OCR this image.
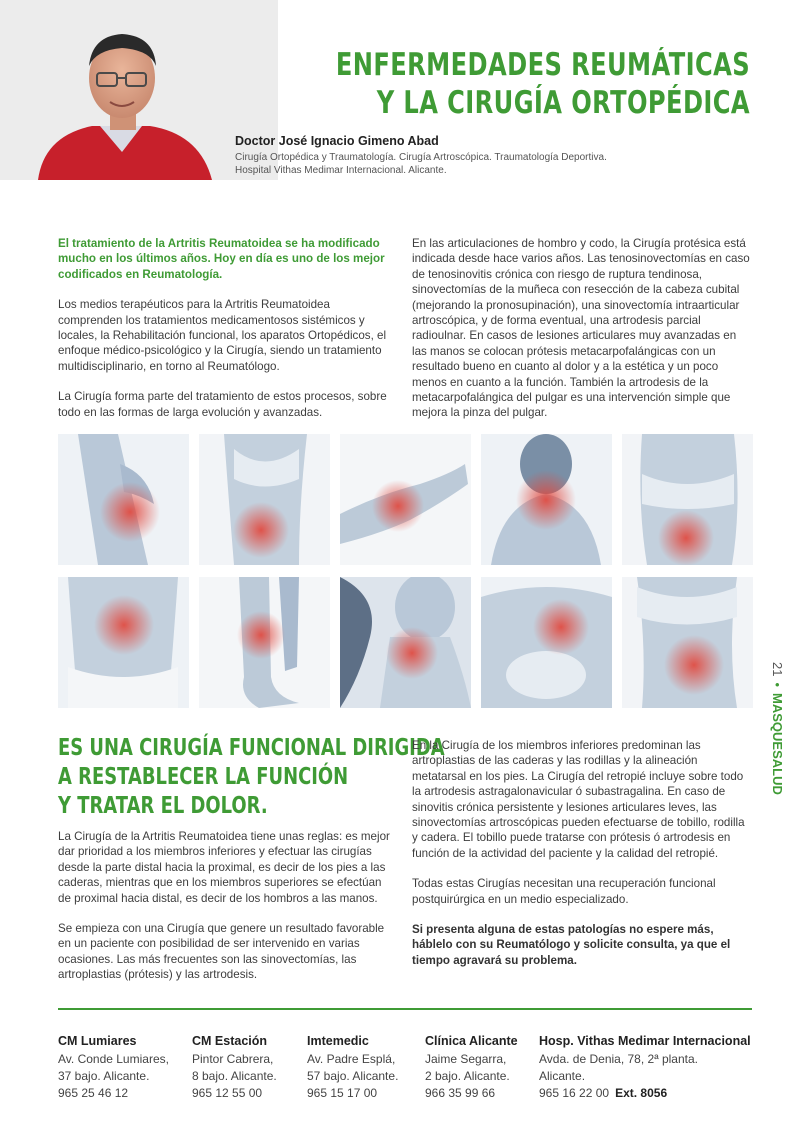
ENFERMEDADES REUMÁTICAS
Y LA CIRUGÍA ORTOPÉDICA
Doctor José Ignacio Gimeno Abad
Cirugía Ortopédica y Traumatología. Cirugía Artroscópica. Traumatología Deportiva.
Hospital Vithas Medimar Internacional. Alicante.

El tratamiento de la Artritis Reumatoidea se ha modificado mucho en los últimos años. Hoy en día es uno de los mejor codificados en Reumatología.

Los medios terapéuticos para la Artritis Reumatoidea comprenden los tratamientos medicamentosos sistémicos y locales, la Rehabilitación funcional, los aparatos Ortopédicos, el enfoque médico-psicológico y la Cirugía, siendo un tratamiento multidisciplinario, en torno al Reumatólogo.

La Cirugía forma parte del tratamiento de estos procesos, sobre todo en las formas de larga evolución y avanzadas.

En las articulaciones de hombro y codo, la Cirugía protésica está indicada desde hace varios años. Las tenosinovectomías en caso de tenosinovitis crónica con riesgo de ruptura tendinosa, sinovectomías de la muñeca con resección de la cabeza cubital (mejorando la pronosupinación), una sinovectomía intraarticular artroscópica, y de forma eventual, una artrodesis parcial radioulnar. En casos de lesiones articulares muy avanzadas en las manos se colocan prótesis metacarpofalángicas con un resultado bueno en cuanto al dolor y a la estética y un poco menos en cuanto a la función. También la artrodesis de la metacarpofalángica del pulgar es una intervención simple que mejora la pinza del pulgar.

ES UNA CIRUGÍA FUNCIONAL DIRIGIDA
A RESTABLECER LA FUNCIÓN
Y TRATAR EL DOLOR.

La Cirugía de la Artritis Reumatoidea tiene unas reglas: es mejor dar prioridad a los miembros inferiores y efectuar las cirugías desde la parte distal hacia la proximal, es decir de los pies a las caderas, mientras que en los miembros superiores se efectúan de proximal hacia distal, es decir de los hombros a las manos.

Se empieza con una Cirugía que genere un resultado favorable en un paciente con posibilidad de ser intervenido en varias ocasiones. Las más frecuentes son las sinovectomías, las artroplastias (prótesis) y las artrodesis.

En la Cirugía de los miembros inferiores predominan las artroplastias de las caderas y las rodillas y la alineación metatarsal en los pies. La Cirugía del retropié incluye sobre todo la artrodesis astragalonavicular ó subastragalina. En caso de sinovitis crónica persistente y lesiones articulares leves, las sinovectomías artroscópicas pueden efectuarse de tobillo, rodilla y cadera. El tobillo puede tratarse con prótesis ó artrodesis en función de la actividad del paciente y la calidad del retropié.

Todas estas Cirugías necesitan una recuperación funcional postquirúrgica en un medio especializado.

Si presenta alguna de estas patologías no espere más, háblelo con su Reumatólogo y solicite consulta, ya que el tiempo agravará su problema.

21•MASQUESALUD
CM Lumiares
Av. Conde Lumiares,
37 bajo. Alicante.
965 25 46 12
CM Estación
Pintor Cabrera,
8 bajo. Alicante.
965 12 55 00
Imtemedic
Av. Padre Esplá,
57 bajo. Alicante.
965 15 17 00
Clínica Alicante
Jaime Segarra,
2 bajo. Alicante.
966 35 99 66
Hosp. Vithas Medimar Internacional
Avda. de Denia, 78, 2ª planta.
Alicante.
965 16 22 00 Ext. 8056
